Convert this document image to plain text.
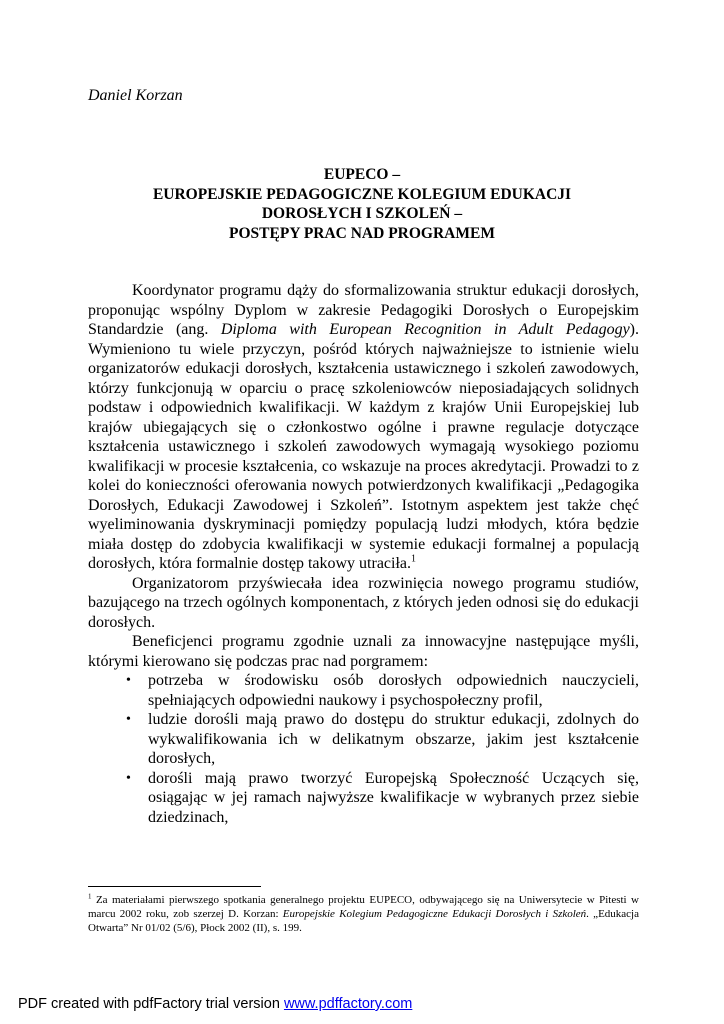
Daniel Korzan
EUPECO –
EUROPEJSKIE PEDAGOGICZNE KOLEGIUM EDUKACJI
DOROSŁYCH I SZKOLEŃ –
POSTĘPY PRAC NAD PROGRAMEM

Koordynator programu dąży do sformalizowania struktur edukacji dorosłych, proponując wspólny Dyplom w zakresie Pedagogiki Dorosłych o Europejskim Standardzie (ang. Diploma with European Recognition in Adult Pedagogy). Wymieniono tu wiele przyczyn, pośród których najważniejsze to istnienie wielu organizatorów edukacji dorosłych, kształcenia ustawicznego i szkoleń zawodowych, którzy funkcjonują w oparciu o pracę szkoleniowców nieposiadających solidnych podstaw i odpowiednich kwalifikacji. W każdym z krajów Unii Europejskiej lub krajów ubiegających się o członkostwo ogólne i prawne regulacje dotyczące kształcenia ustawicznego i szkoleń zawodowych wymagają wysokiego poziomu kwalifikacji w procesie kształcenia, co wskazuje na proces akredytacji. Prowadzi to z kolei do konieczności oferowania nowych potwierdzonych kwalifikacji „Pedagogika Dorosłych, Edukacji Zawodowej i Szkoleń”. Istotnym aspektem jest także chęć wyeliminowania dyskryminacji pomiędzy populacją ludzi młodych, która będzie miała dostęp do zdobycia kwalifikacji w systemie edukacji formalnej a populacją dorosłych, która formalnie dostęp takowy utraciła.$^1$

Organizatorom przyświecała idea rozwinięcia nowego programu studiów, bazującego na trzech ogólnych komponentach, z których jeden odnosi się do edukacji dorosłych.

Beneficjenci programu zgodnie uznali za innowacyjne następujące myśli, którymi kierowano się podczas prac nad porgramem:

• potrzeba w środowisku osób dorosłych odpowiednich nauczycieli, spełniających odpowiedni naukowy i psychospołeczny profil,
• ludzie dorośli mają prawo do dostępu do struktur edukacji, zdolnych do wykwalifikowania ich w delikatnym obszarze, jakim jest kształcenie dorosłych,
• dorośli mają prawo tworzyć Europejską Społeczność Uczących się, osiągając w jej ramach najwyższe kwalifikacje w wybranych przez siebie dziedzinach,
$^1$ Za materiałami pierwszego spotkania generalnego projektu EUPECO, odbywającego się na Uniwersytecie w Pitesti w marcu 2002 roku, zob szerzej D. Korzan: Europejskie Kolegium Pedagogiczne Edukacji Dorosłych i Szkoleń. „Edukacja Otwarta” Nr 01/02 (5/6), Płock 2002 (II), s. 199.
PDF created with pdfFactory trial version www.pdffactory.com
